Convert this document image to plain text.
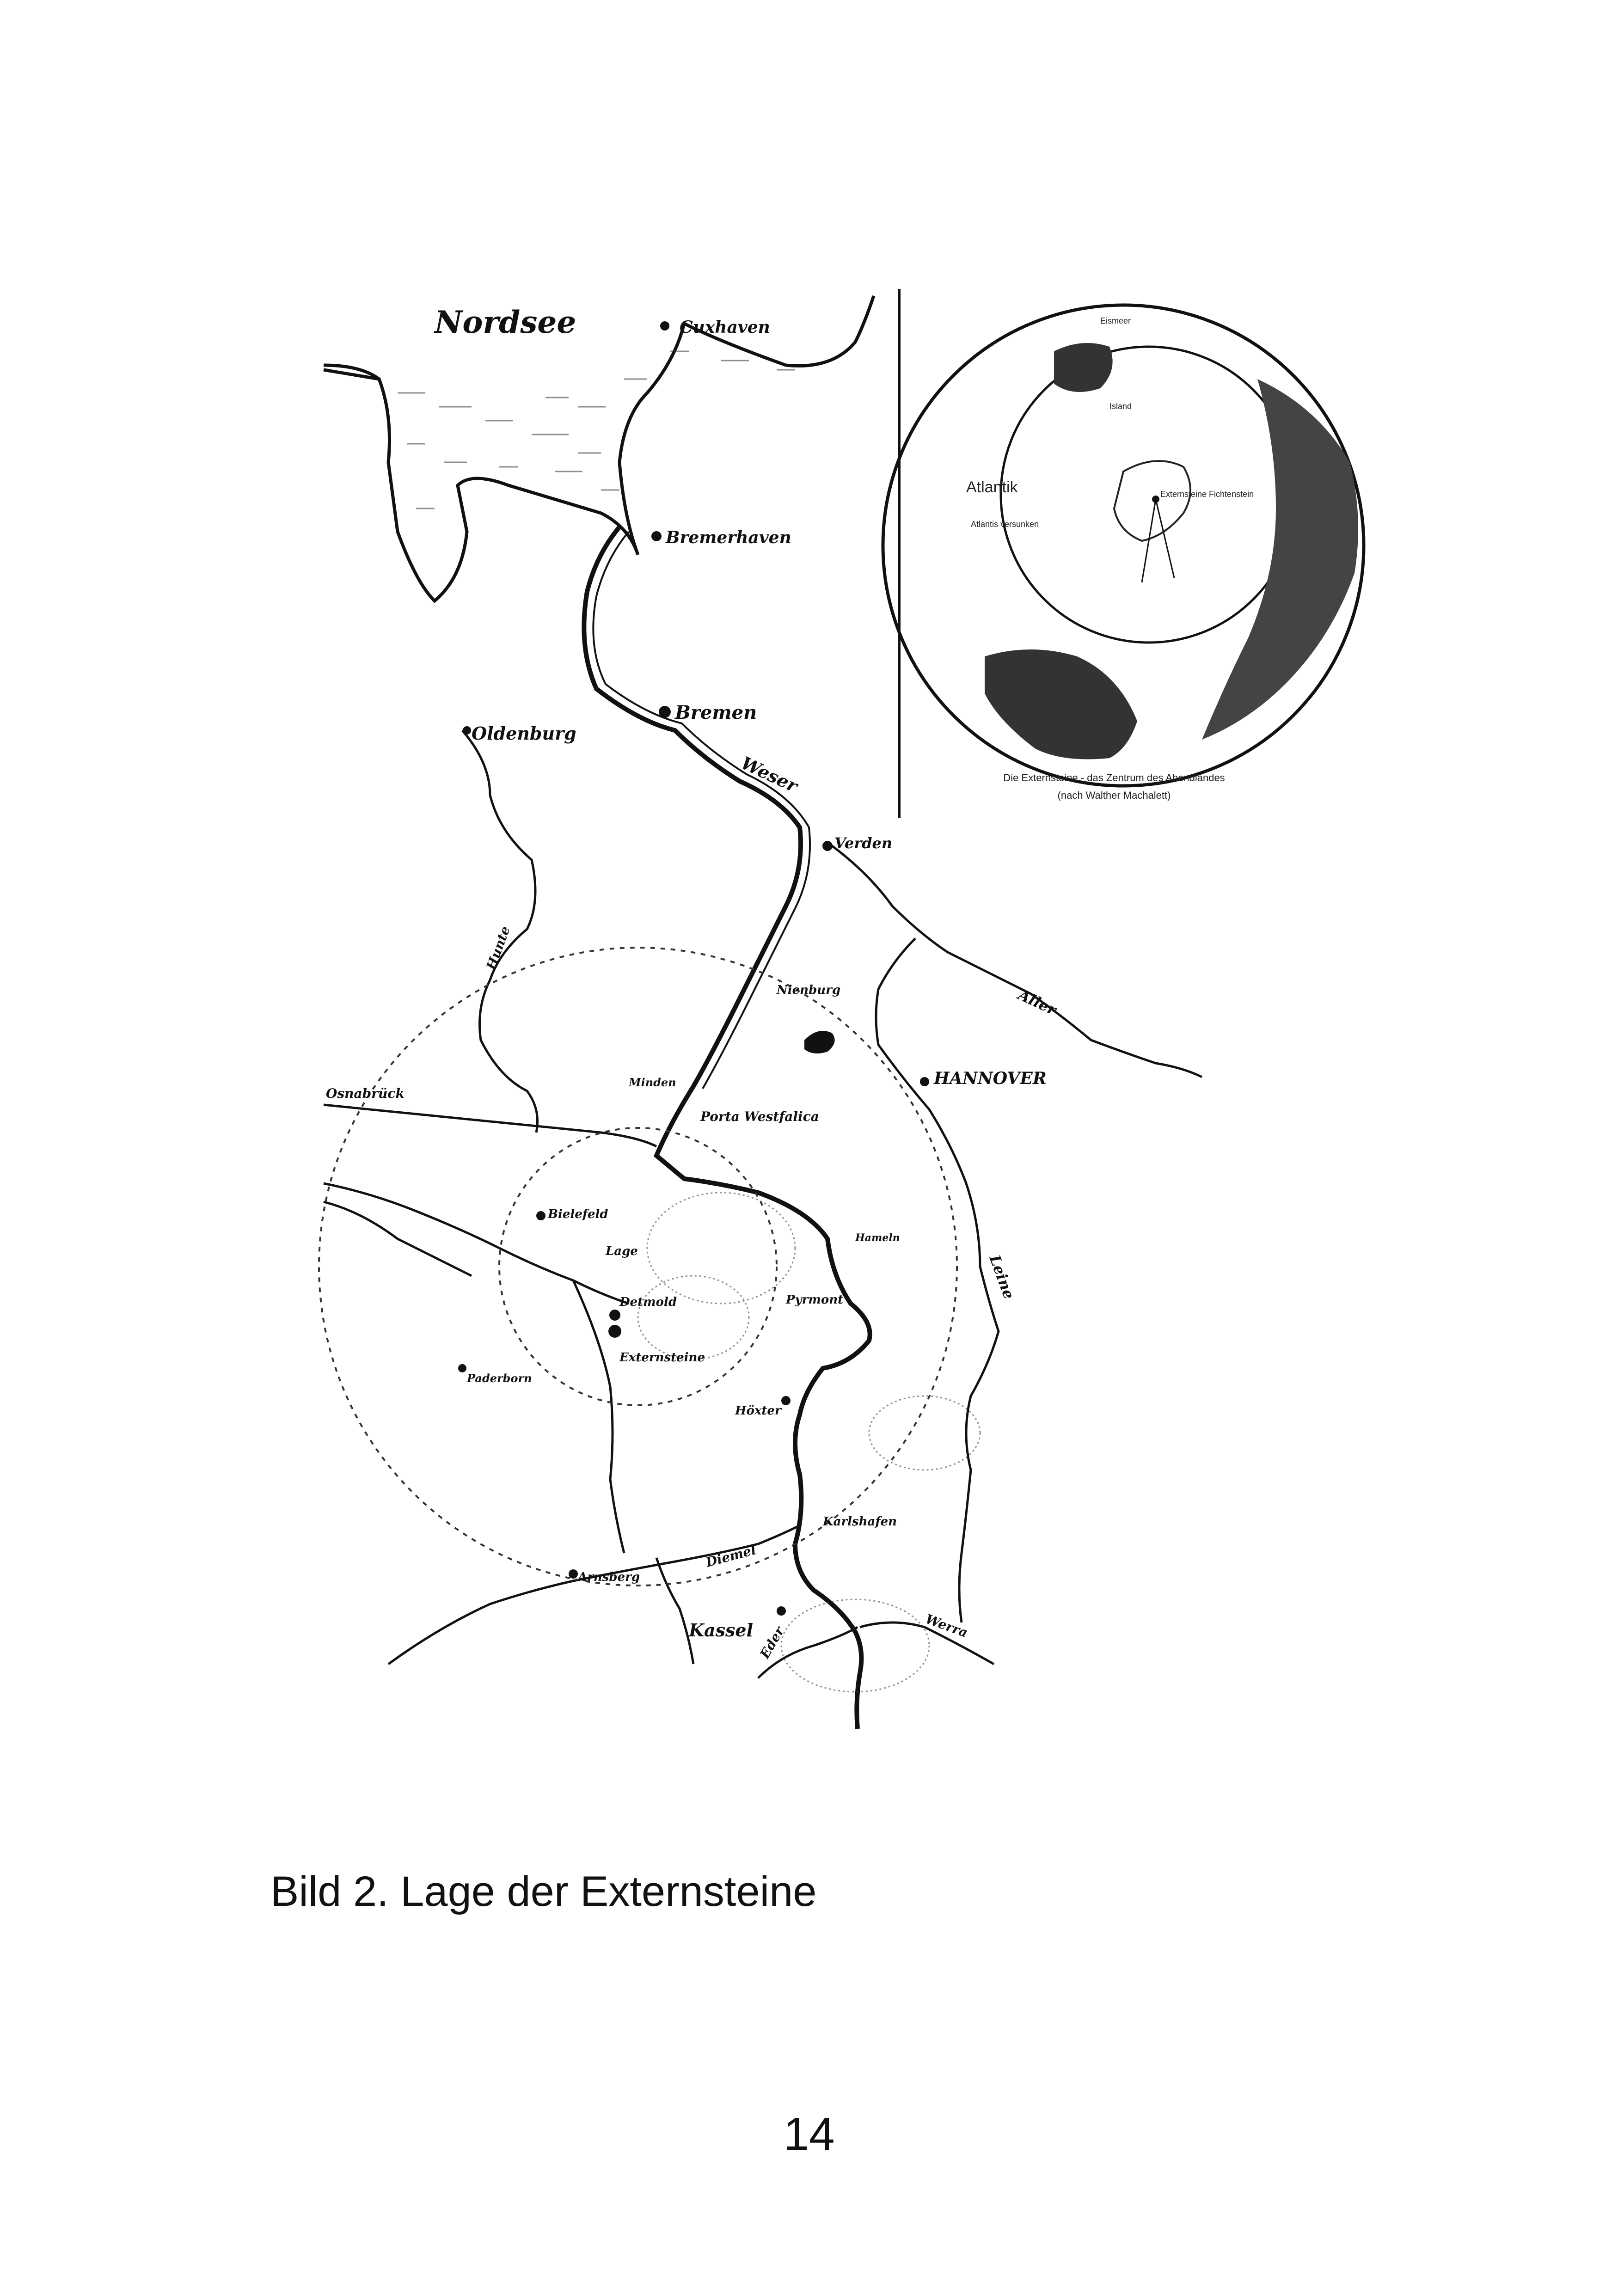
Nordsee	Cuxhaven
Bremerhaven
Bremen
Oldenburg
Verden
Nienburg
HANNOVER
Osnabrück
Minden
Porta Westfalica
Bielefeld
Lage
Detmold
Externsteine
Pyrmont
Hameln
Paderborn
Höxter
Karlshafen
Arnsberg
Kassel
Weser
Aller
Leine
Hunte
Diemel
Eder	Werra
Atlantik
Atlantis versunken
Externsteine Fichtenstein
Eismeer
Island
Die Externsteine - das Zentrum des Abendlandes
(nach Walther Machalett)
Bild 2. Lage der Externsteine
14
